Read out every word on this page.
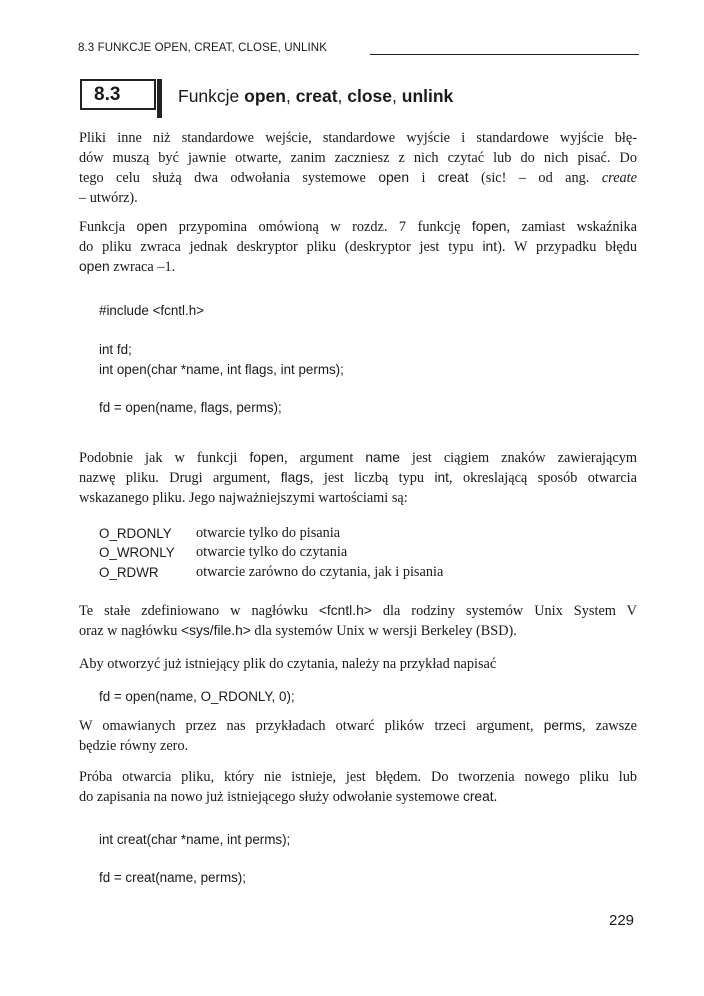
8.3 FUNKCJE OPEN, CREAT, CLOSE, UNLINK
8.3	Funkcje open, creat, close, unlink
Pliki inne niż standardowe wejście, standardowe wyjście i standardowe wyjście błę-
dów muszą być jawnie otwarte, zanim zaczniesz z nich czytać lub do nich pisać. Do
tego celu służą dwa odwołania systemowe open i creat (sic! – od ang. create
– utwórz).
Funkcja open przypomina omówioną w rozdz. 7 funkcję fopen, zamiast wskaźnika
do pliku zwraca jednak deskryptor pliku (deskryptor jest typu int). W przypadku błędu
open zwraca –1.
#include <fcntl.h>
int fd;
int open(char *name, int flags, int perms);
fd = open(name, flags, perms);
Podobnie jak w funkcji fopen, argument name jest ciągiem znaków zawierającym
nazwę pliku. Drugi argument, flags, jest liczbą typu int, okreslającą sposób otwarcia
wskazanego pliku. Jego najważniejszymi wartościami są:
O_RDONLY otwarcie tylko do pisania
O_WRONLY otwarcie tylko do czytania
O_RDWR	otwarcie zarówno do czytania, jak i pisania
Te stałe zdefiniowano w nagłówku <fcntl.h> dla rodziny systemów Unix System V
oraz w nagłówku <sys/file.h> dla systemów Unix w wersji Berkeley (BSD).
Aby otworzyć już istniejący plik do czytania, należy na przykład napisać
fd = open(name, O_RDONLY, 0);
W omawianych przez nas przykładach otwarć plików trzeci argument, perms, zawsze
będzie równy zero.
Próba otwarcia pliku, który nie istnieje, jest błędem. Do tworzenia nowego pliku lub
do zapisania na nowo już istniejącego służy odwołanie systemowe creat.
int creat(char *name, int perms);
fd = creat(name, perms);
229
